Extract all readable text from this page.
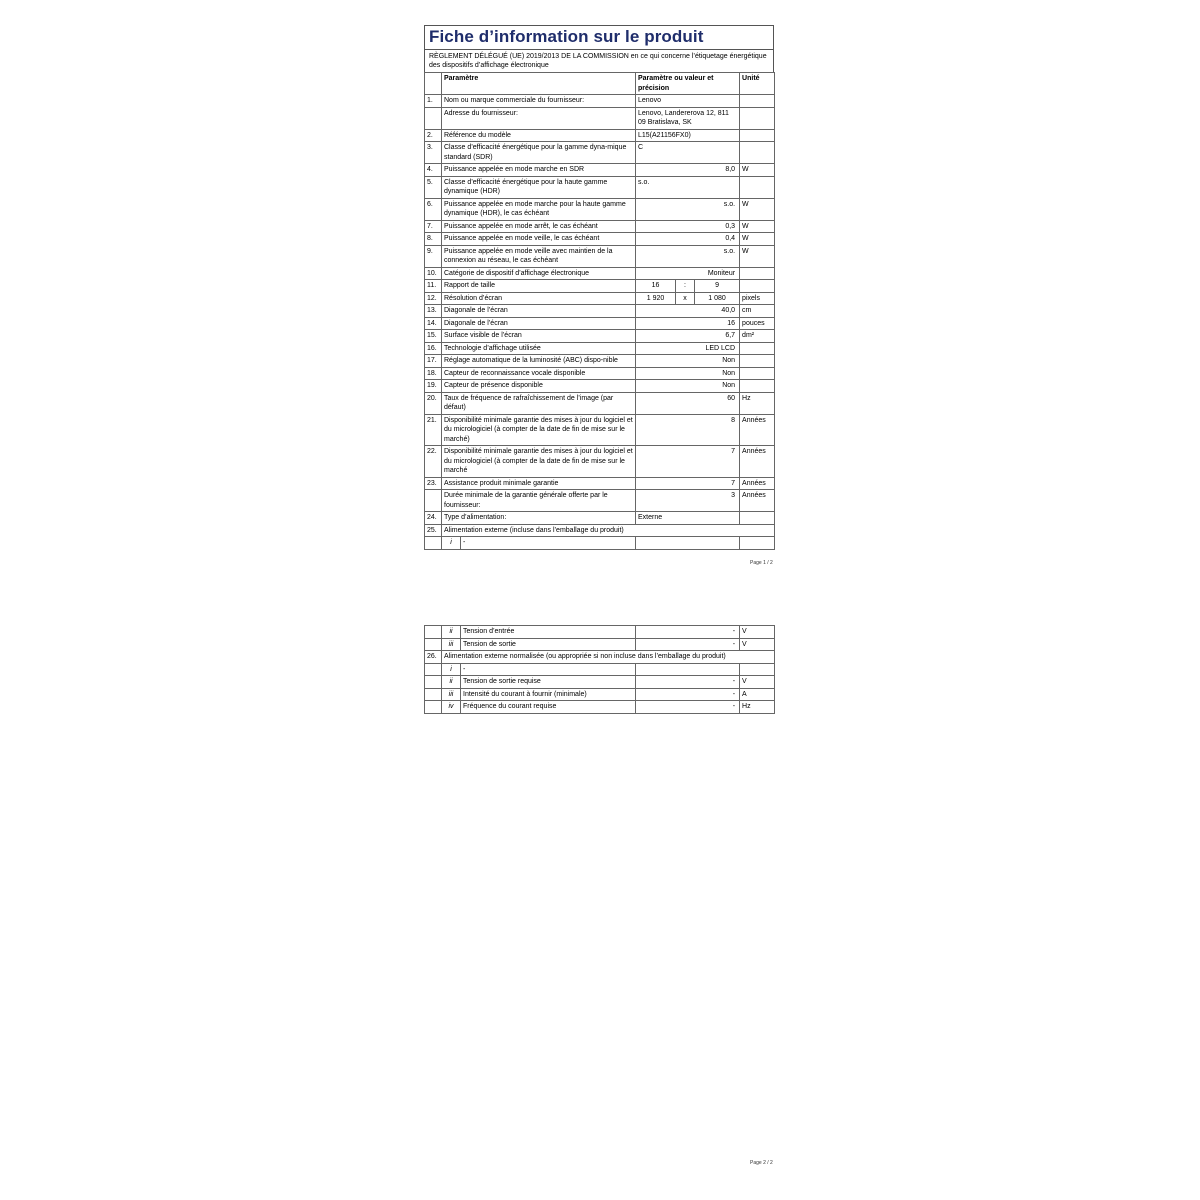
Fiche d’information sur le produit
RÈGLEMENT DÉLÉGUÉ (UE) 2019/2013 DE LA COMMISSION en ce qui concerne l’étiquetage énergétique des dispositifs d’affichage électronique
	Paramètre		Paramètre ou valeur et précision			Unité
1.	Nom ou marque commerciale du fournisseur:		Lenovo			
	Adresse du fournisseur:		Lenovo, Landererova 12, 811 09 Bratislava, SK			
2.	Référence du modèle		L15(A21156FX0)			
3.	Classe d’efficacité énergétique pour la gamme dyna-mique standard (SDR)		C			
4.	Puissance appelée en mode marche en SDR		8,0			W
5.	Classe d’efficacité énergétique pour la haute gamme dynamique (HDR)		s.o.			
6.	Puissance appelée en mode marche pour la haute gamme dynamique (HDR), le cas échéant		s.o.			W
7.	Puissance appelée en mode arrêt, le cas échéant		0,3			W
8.	Puissance appelée en mode veille, le cas échéant		0,4			W
9.	Puissance appelée en mode veille avec maintien de la connexion au réseau, le cas échéant		s.o.			W
10.	Catégorie de dispositif d’affichage électronique		Moniteur			
11.	Rapport de taille		16	:	9	
12.	Résolution d’écran		1 920	x	1 080	pixels
13.	Diagonale de l’écran		40,0			cm
14.	Diagonale de l’écran		16			pouces
15.	Surface visible de l’écran		6,7			dm²
16.	Technologie d’affichage utilisée		LED LCD			
17.	Réglage automatique de la luminosité (ABC) dispo-nible		Non			
18.	Capteur de reconnaissance vocale disponible		Non			
19.	Capteur de présence disponible		Non			
20.	Taux de fréquence de rafraîchissement de l’image (par défaut)		60			Hz
21.	Disponibilité minimale garantie des mises à jour du logiciel et du micrologiciel (à compter de la date de fin de mise sur le marché)		8			Années
22.	Disponibilité minimale garantie des mises à jour du logiciel et du micrologiciel (à compter de la date de fin de mise sur le marché		7			Années
23.	Assistance produit minimale garantie		7			Années
	Durée minimale de la garantie générale offerte par le fournisseur:		3			Années
24.	Type d’alimentation:		Externe			
25.	Alimentation externe (incluse dans l’emballage du produit)					
	i	-				
Page 1 / 2
	ii	Tension d’entrée	-	V
	iii	Tension de sortie	-	V
26.	Alimentation externe normalisée (ou appropriée si non incluse dans l’emballage du produit)			
	i	-		
	ii	Tension de sortie requise	-	V
	iii	Intensité du courant à fournir (minimale)	-	A
	iv	Fréquence du courant requise	-	Hz
Page 2 / 2
